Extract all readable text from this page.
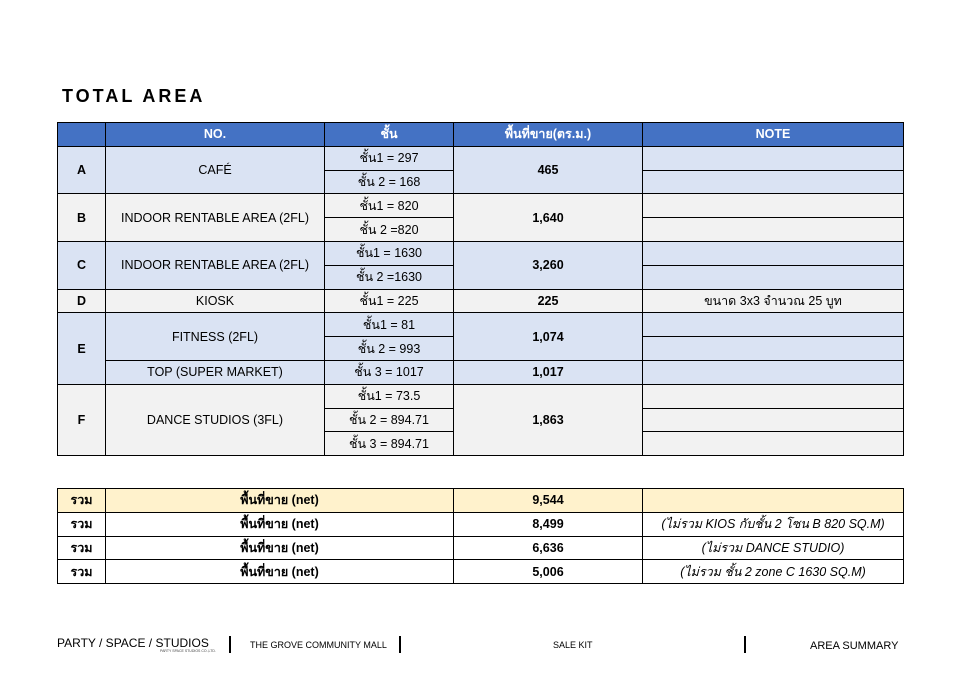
TOTAL AREA
	NO.	ชั้น	พื้นที่ขาย(ตร.ม.)	NOTE
A	CAFÉ	ชั้น1 = 297	465	
		ชั้น 2 = 168		
B	INDOOR RENTABLE AREA (2FL)	ชั้น1 = 820	1,640	
		ชั้น 2 =820		
C	INDOOR RENTABLE AREA (2FL)	ชั้น1 = 1630	3,260	
		ชั้น 2 =1630		
D	KIOSK	ชั้น1 = 225	225	ขนาด 3x3 จำนวณ 25 บูท
E	FITNESS (2FL)	ชั้น1 = 81	1,074	
		ชั้น 2 = 993		
	TOP (SUPER MARKET)	ชั้น 3 = 1017	1,017	
F	DANCE STUDIOS (3FL)	ชั้น1 = 73.5	1,863	
		ชั้น 2 = 894.71		
		ชั้น 3 = 894.71		
รวม	พื้นที่ขาย (net)	9,544	
รวม	พื้นที่ขาย (net)	8,499	(ไม่รวม KIOS กับชั้น 2 โซน B 820 SQ.M)
รวม	พื้นที่ขาย (net)	6,636	(ไม่รวม DANCE STUDIO)
รวม	พื้นที่ขาย (net)	5,006	(ไม่รวม ชั้น 2 zone C 1630 SQ.M)
PARTY / SPACE / STUDIOS
PARTY SPACE STUDIOS CO.,LTD.
THE GROVE COMMUNITY MALL	SALE KIT	AREA SUMMARY
